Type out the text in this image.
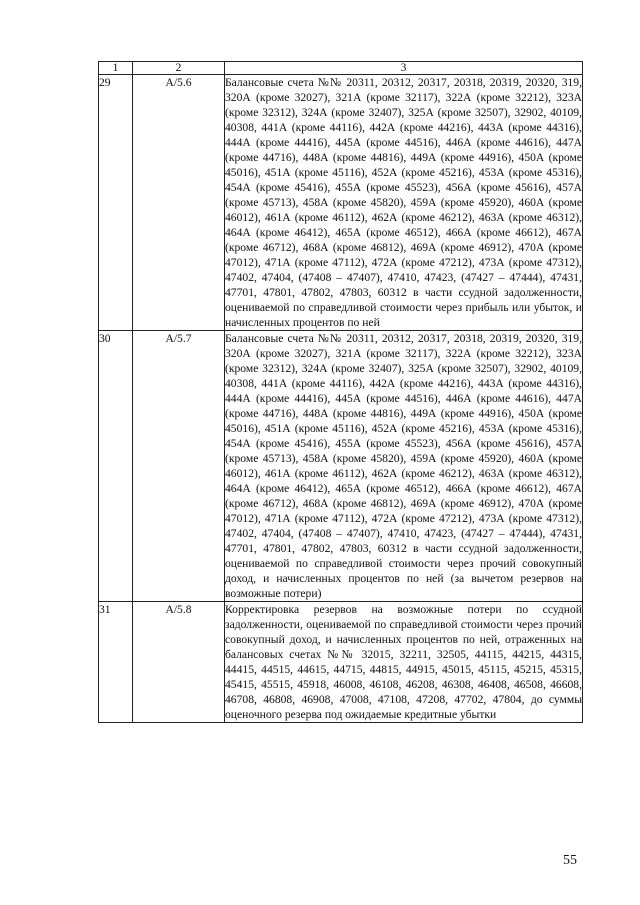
1	2	3
29	А/5.6	Балансовые счета №№ 20311, 20312, 20317, 20318, 20319, 20320, 319, 320А (кроме 32027), 321А (кроме 32117), 322А (кроме 32212), 323А (кроме 32312), 324А (кроме 32407), 325А (кроме 32507), 32902, 40109, 40308, 441А (кроме 44116), 442А (кроме 44216), 443А (кроме 44316), 444А (кроме 44416), 445А (кроме 44516), 446А (кроме 44616), 447А (кроме 44716), 448А (кроме 44816), 449А (кроме 44916), 450А (кроме 45016), 451А (кроме 45116), 452А (кроме 45216), 453А (кроме 45316), 454А (кроме 45416), 455А (кроме 45523), 456А (кроме 45616), 457А (кроме 45713), 458А (кроме 45820), 459А (кроме 45920), 460А (кроме 46012), 461А (кроме 46112), 462А (кроме 46212), 463А (кроме 46312), 464А (кроме 46412), 465А (кроме 46512), 466А (кроме 46612), 467А (кроме 46712), 468А (кроме 46812), 469А (кроме 46912), 470А (кроме 47012), 471А (кроме 47112), 472А (кроме 47212), 473А (кроме 47312), 47402, 47404, (47408 – 47407), 47410, 47423, (47427 – 47444), 47431, 47701, 47801, 47802, 47803, 60312 в части ссудной задолженности, оцениваемой по справедливой стоимости через прибыль или убыток, и начисленных процентов по ней
30	А/5.7	Балансовые счета №№ 20311, 20312, 20317, 20318, 20319, 20320, 319, 320А (кроме 32027), 321А (кроме 32117), 322А (кроме 32212), 323А (кроме 32312), 324А (кроме 32407), 325А (кроме 32507), 32902, 40109, 40308, 441А (кроме 44116), 442А (кроме 44216), 443А (кроме 44316), 444А (кроме 44416), 445А (кроме 44516), 446А (кроме 44616), 447А (кроме 44716), 448А (кроме 44816), 449А (кроме 44916), 450А (кроме 45016), 451А (кроме 45116), 452А (кроме 45216), 453А (кроме 45316), 454А (кроме 45416), 455А (кроме 45523), 456А (кроме 45616), 457А (кроме 45713), 458А (кроме 45820), 459А (кроме 45920), 460А (кроме 46012), 461А (кроме 46112), 462А (кроме 46212), 463А (кроме 46312), 464А (кроме 46412), 465А (кроме 46512), 466А (кроме 46612), 467А (кроме 46712), 468А (кроме 46812), 469А (кроме 46912), 470А (кроме 47012), 471А (кроме 47112), 472А (кроме 47212), 473А (кроме 47312), 47402, 47404, (47408 – 47407), 47410, 47423, (47427 – 47444), 47431, 47701, 47801, 47802, 47803, 60312 в части ссудной задолженности, оцениваемой по справедливой стоимости через прочий совокупный доход, и начисленных процентов по ней (за вычетом резервов на возможные потери)
31	А/5.8	Корректировка резервов на возможные потери по ссудной задолженности, оцениваемой по справедливой стоимости через прочий совокупный доход, и начисленных процентов по ней, отраженных на балансовых счетах №№ 32015, 32211, 32505, 44115, 44215, 44315, 44415, 44515, 44615, 44715, 44815, 44915, 45015, 45115, 45215, 45315, 45415, 45515, 45918, 46008, 46108, 46208, 46308, 46408, 46508, 46608, 46708, 46808, 46908, 47008, 47108, 47208, 47702, 47804, до суммы оценочного резерва под ожидаемые кредитные убытки
55
